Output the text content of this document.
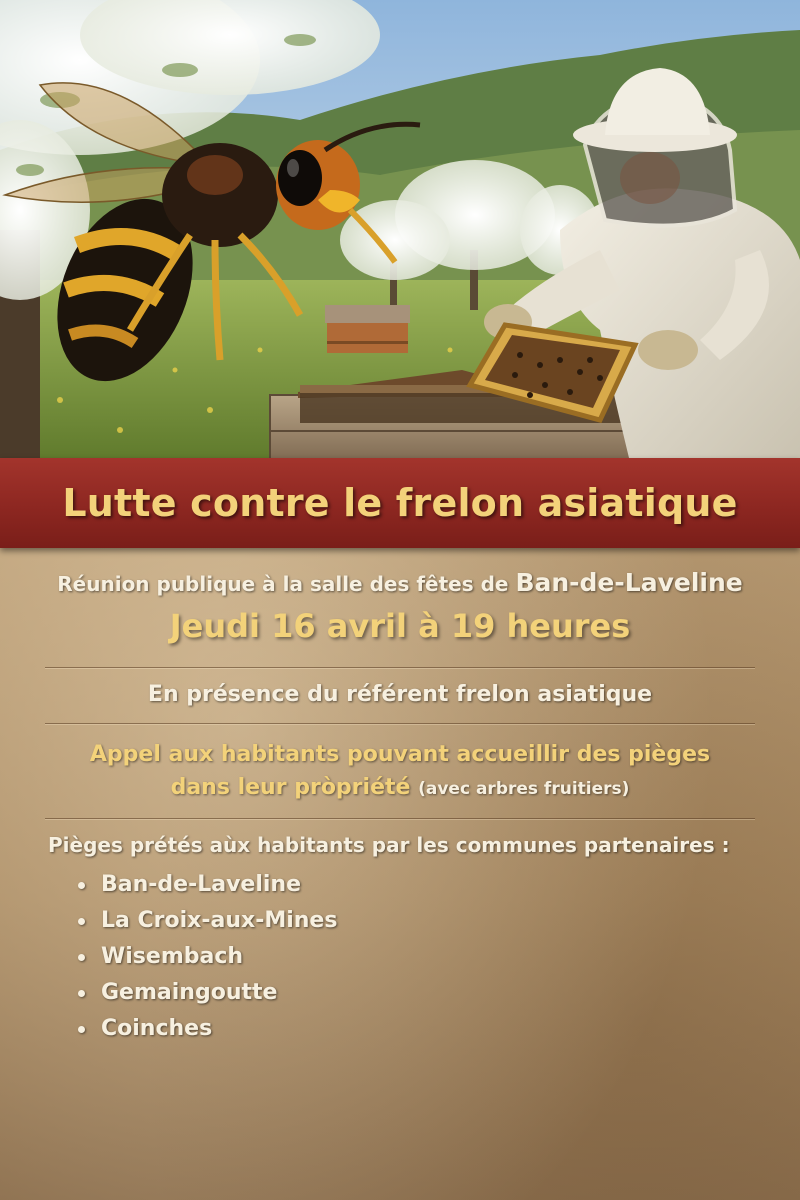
Lutte contre le frelon asiatique
Réunion publique à la salle des fêtes de Ban-de-Laveline
Jeudi 16 avril à 19 heures
En présence du référent frelon asiatique
Appel aux habitants pouvant accueillir des pièges
dans leur pròpriété (avec arbres fruitiers)
Pièges prétés aùx habitants par les communes partenaires :
Ban-de-Laveline
La Croix-aux-Mines
Wisembach
Gemaingoutte
Coinches
